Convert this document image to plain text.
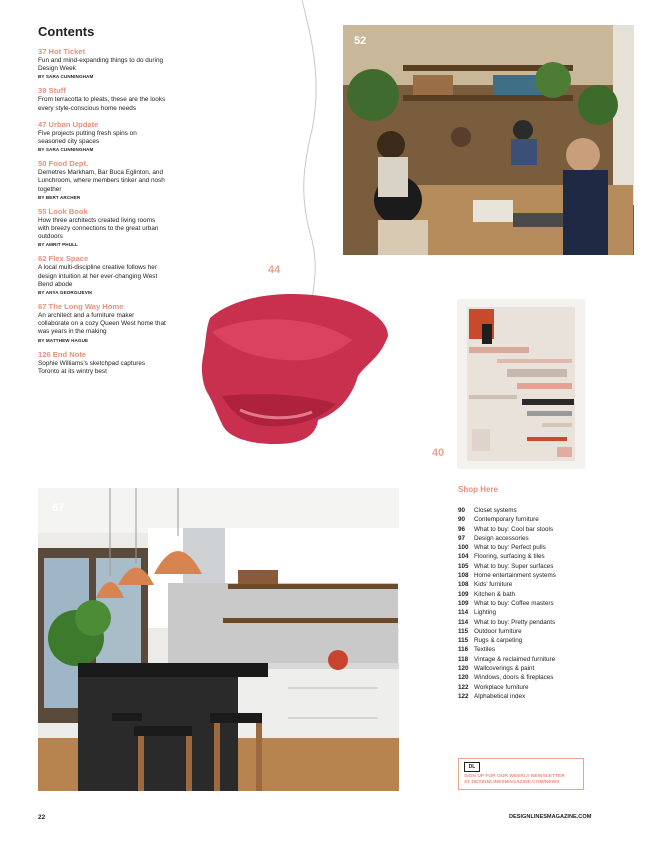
Contents
37 Hot Ticket
Fun and mind-expanding things to do during Design Week
BY SARA CUNNINGHAM
39 Stuff
From terracotta to pleats, these are the looks every style-conscious home needs
47 Urban Update
Five projects putting fresh spins on seasoned city spaces
BY SARA CUNNINGHAM
50 Food Dept.
Demetres Markham, Bar Buca Eglinton, and Lunchroom, where members tinker and nosh together
BY BERT ARCHER
55 Look Book
How three architects created living rooms with breezy connections to the great urban outdoors
BY AMRIT PHULL
62 Flex Space
A local multi-discipline creative follows her design intuition at her ever-changing West Bend abode
BY ANYA GEORGIJEVIK
67 The Long Way Home
An architect and a furniture maker collaborate on a cozy Queen West home that was years in the making
BY MATTHEW HAGUE
126 End Note
Sophie Williams's sketchpad captures Toronto at its wintry best
44
52
40
67
Shop Here
90	Closet systems
90	Contemporary furniture
96	What to buy: Cool bar stools
97	Design accessories
100 What to buy: Perfect pulls
104 Flooring, surfacing & tiles
105 What to buy: Super surfaces
108 Home entertainment systems
108 Kids' furniture
109 Kitchen & bath
109 What to buy: Coffee masters
114 Lighting
114 What to buy: Pretty pendants
115 Outdoor furniture
115 Rugs & carpeting
116 Textiles
118 Vintage & reclaimed furniture
120 Wallcoverings & paint
120 Windows, doors & fireplaces
122 Workplace furniture
122 Alphabetical index
DL
SIGN UP FOR OUR WEEKLY NEWSLETTER
AT DESIGNLINESMAGAZINE.COM/NEWS
22	DESIGNLINESMAGAZINE.COM
